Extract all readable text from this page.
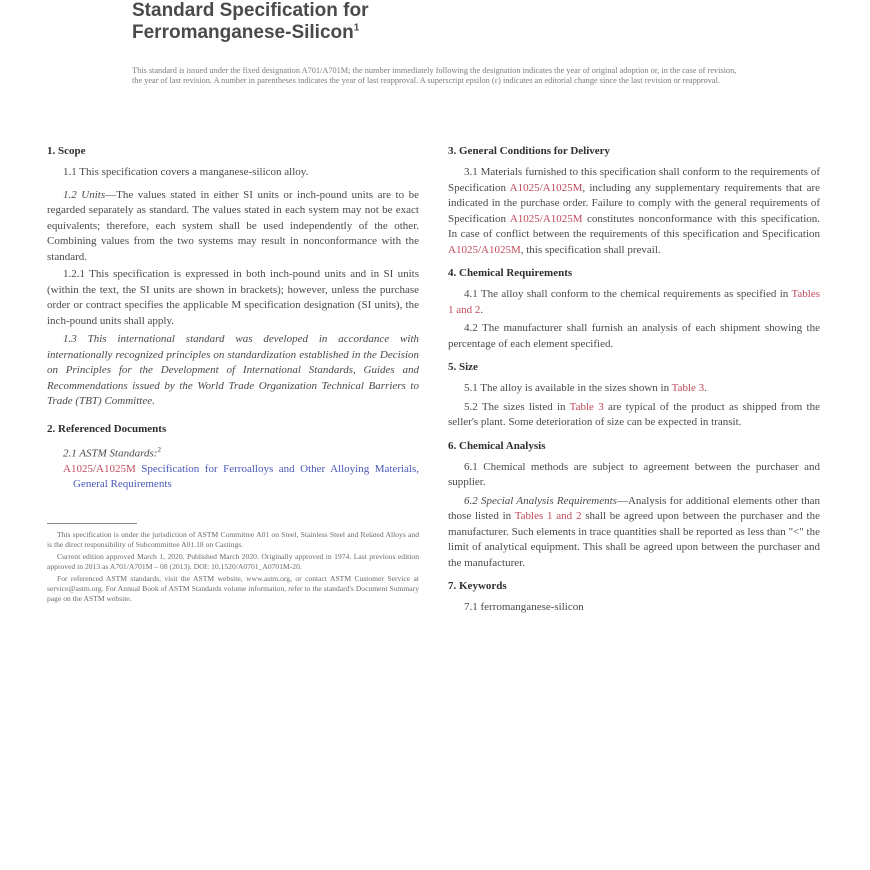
Standard Specification for
Ferromanganese-Silicon$^1$
This standard is issued under the fixed designation A701/A701M; the number immediately following the designation indicates the year of original adoption or, in the case of revision, the year of last revision. A number in parentheses indicates the year of last reapproval. A superscript epsilon (ε) indicates an editorial change since the last revision or reapproval.
1. Scope

1.1 This specification covers a manganese-silicon alloy.

1.2 Units—The values stated in either SI units or inch-pound units are to be regarded separately as standard. The values stated in each system may not be exact equivalents; therefore, each system shall be used independently of the other. Combining values from the two systems may result in nonconformance with the standard.

1.2.1 This specification is expressed in both inch-pound units and in SI units (within the text, the SI units are shown in brackets); however, unless the purchase order or contract specifies the applicable M specification designation (SI units), the inch-pound units shall apply.

1.3 This international standard was developed in accordance with internationally recognized principles on standardization established in the Decision on Principles for the Development of International Standards, Guides and Recommendations issued by the World Trade Organization Technical Barriers to Trade (TBT) Committee.

2. Referenced Documents

2.1 ASTM Standards:$^2$

A1025/A1025M Specification for Ferroalloys and Other Alloying Materials, General Requirements

This specification is under the jurisdiction of ASTM Committee A01 on Steel, Stainless Steel and Related Alloys and is the direct responsibility of Subcommittee A01.18 on Castings.

Current edition approved March 1, 2020. Published March 2020. Originally approved in 1974. Last previous edition approved in 2013 as A701/A701M – 08 (2013). DOI: 10.1520/A0701_A0701M-20.

For referenced ASTM standards, visit the ASTM website, www.astm.org, or contact ASTM Customer Service at service@astm.org. For Annual Book of ASTM Standards volume information, refer to the standard's Document Summary page on the ASTM website.

3. General Conditions for Delivery

3.1 Materials furnished to this specification shall conform to the requirements of Specification A1025/A1025M, including any supplementary requirements that are indicated in the purchase order. Failure to comply with the general requirements of Specification A1025/A1025M constitutes nonconformance with this specification. In case of conflict between the requirements of this specification and Specification A1025/A1025M, this specification shall prevail.

4. Chemical Requirements

4.1 The alloy shall conform to the chemical requirements as specified in Tables 1 and 2.

4.2 The manufacturer shall furnish an analysis of each shipment showing the percentage of each element specified.

5. Size

5.1 The alloy is available in the sizes shown in Table 3.

5.2 The sizes listed in Table 3 are typical of the product as shipped from the seller's plant. Some deterioration of size can be expected in transit.

6. Chemical Analysis

6.1 Chemical methods are subject to agreement between the purchaser and supplier.

6.2 Special Analysis Requirements—Analysis for additional elements other than those listed in Tables 1 and 2 shall be agreed upon between the purchaser and the manufacturer. Such elements in trace quantities shall be reported as less than "<" the limit of analytical equipment. This shall be agreed upon between the purchaser and the manufacturer.

7. Keywords

7.1 ferromanganese-silicon
